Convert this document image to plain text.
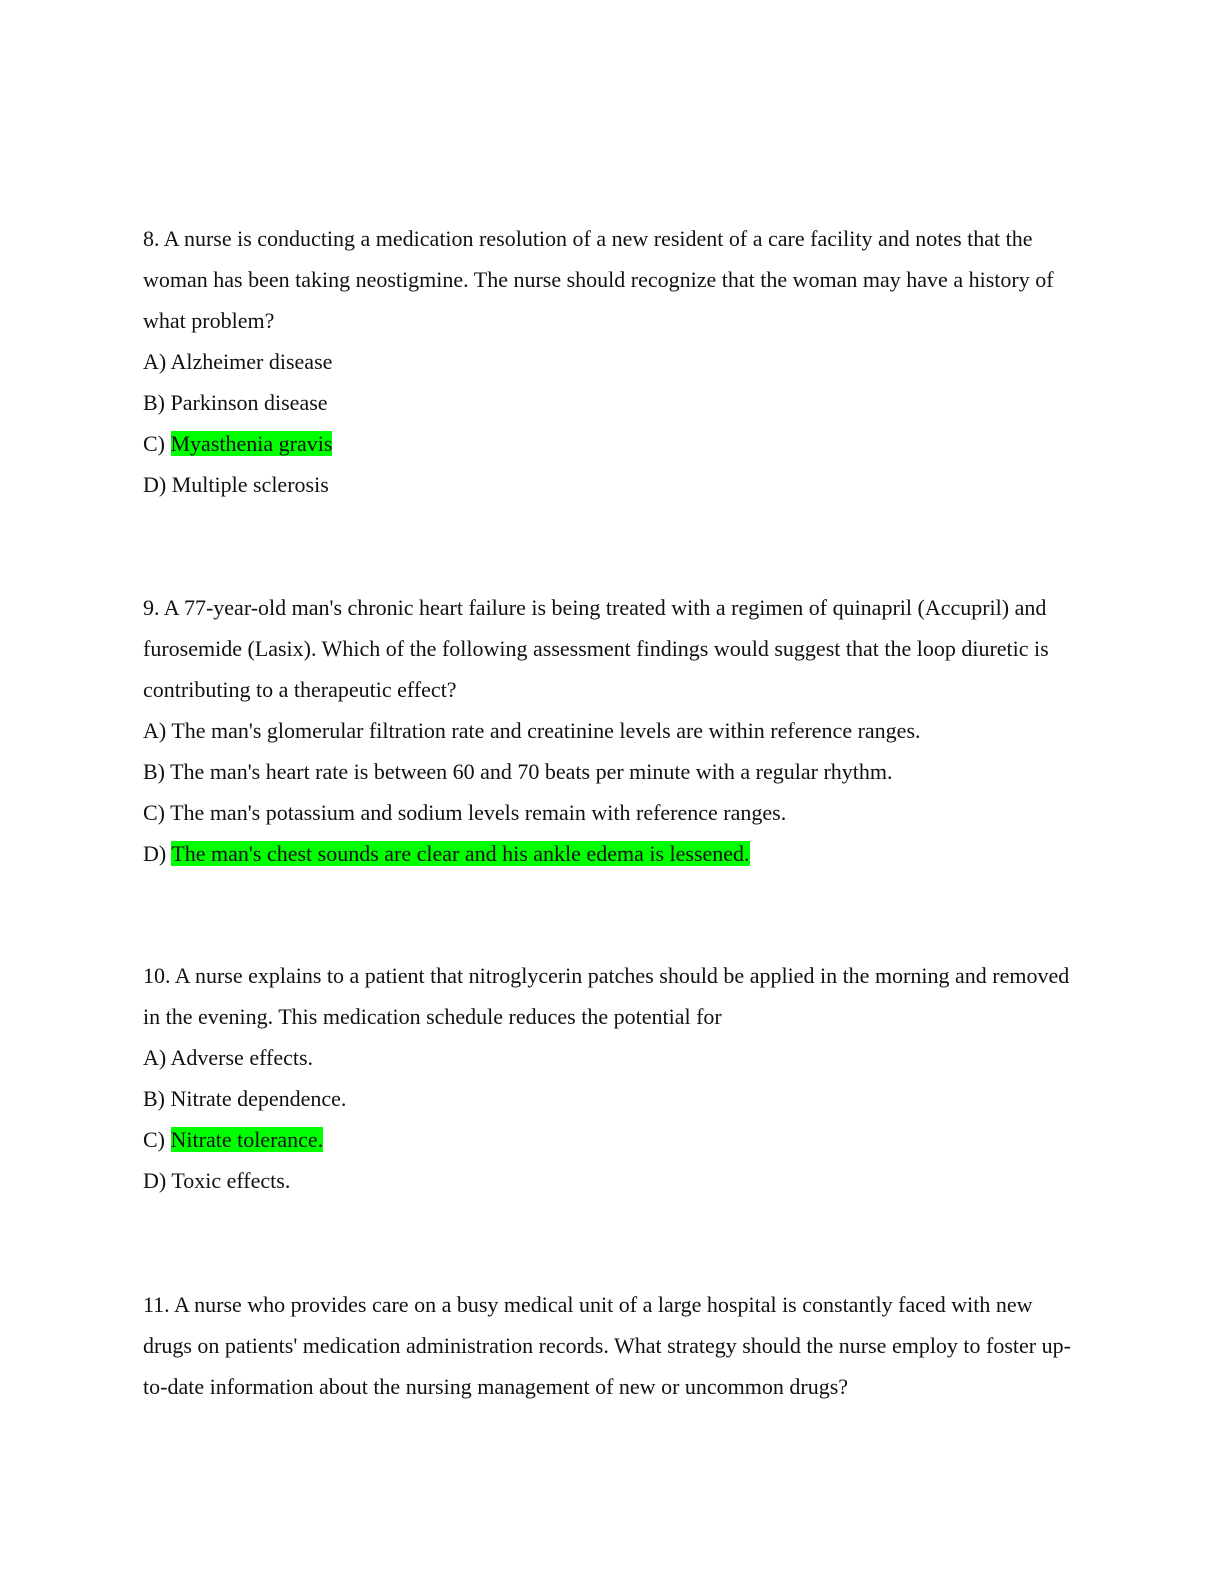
8. A nurse is conducting a medication resolution of a new resident of a care facility and notes that the woman has been taking neostigmine. The nurse should recognize that the woman may have a history of what problem?

A) Alzheimer disease

B) Parkinson disease

C) Myasthenia gravis

D) Multiple sclerosis

9. A 77-year-old man's chronic heart failure is being treated with a regimen of quinapril (Accupril) and furosemide (Lasix). Which of the following assessment findings would suggest that the loop diuretic is contributing to a therapeutic effect?

A) The man's glomerular filtration rate and creatinine levels are within reference ranges.

B) The man's heart rate is between 60 and 70 beats per minute with a regular rhythm.

C) The man's potassium and sodium levels remain with reference ranges.

D) The man's chest sounds are clear and his ankle edema is lessened.

10. A nurse explains to a patient that nitroglycerin patches should be applied in the morning and removed in the evening. This medication schedule reduces the potential for

A) Adverse effects.

B) Nitrate dependence.

C) Nitrate tolerance.

D) Toxic effects.

11. A nurse who provides care on a busy medical unit of a large hospital is constantly faced with new drugs on patients' medication administration records. What strategy should the nurse employ to foster up-to-date information about the nursing management of new or uncommon drugs?
